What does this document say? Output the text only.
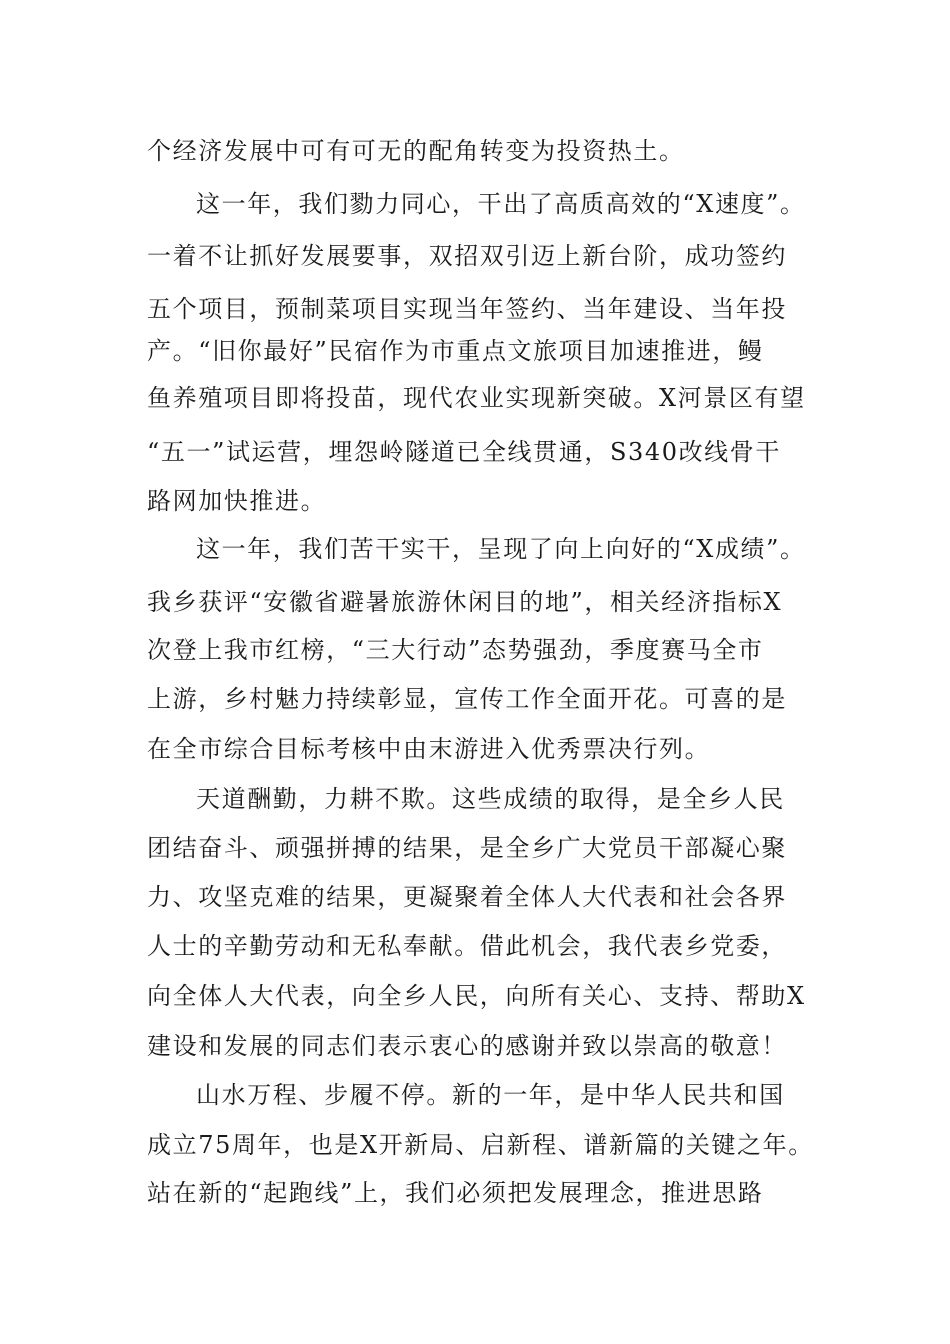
个经济发展中可有可无的配角转变为投资热土。

这一年，我们勠力同心，干出了高质高效的“X速度”。

一着不让抓好发展要事，双招双引迈上新台阶，成功签约

五个项目，预制菜项目实现当年签约、当年建设、当年投

产。“旧你最好”民宿作为市重点文旅项目加速推进，鳗

鱼养殖项目即将投苗，现代农业实现新突破。X河景区有望

“五一”试运营，埋怨岭隧道已全线贯通，S340改线骨干

路网加快推进。

这一年，我们苦干实干，呈现了向上向好的“X成绩”。

我乡获评“安徽省避暑旅游休闲目的地”，相关经济指标X

次登上我市红榜，“三大行动”态势强劲，季度赛马全市

上游，乡村魅力持续彰显，宣传工作全面开花。可喜的是

在全市综合目标考核中由末游进入优秀票决行列。

天道酬勤，力耕不欺。这些成绩的取得，是全乡人民

团结奋斗、顽强拼搏的结果，是全乡广大党员干部凝心聚

力、攻坚克难的结果，更凝聚着全体人大代表和社会各界

人士的辛勤劳动和无私奉献。借此机会，我代表乡党委，

向全体人大代表，向全乡人民，向所有关心、支持、帮助X

建设和发展的同志们表示衷心的感谢并致以崇高的敬意！

山水万程、步履不停。新的一年，是中华人民共和国

成立75周年，也是X开新局、启新程、谱新篇的关键之年。

站在新的“起跑线”上，我们必须把发展理念，推进思路
